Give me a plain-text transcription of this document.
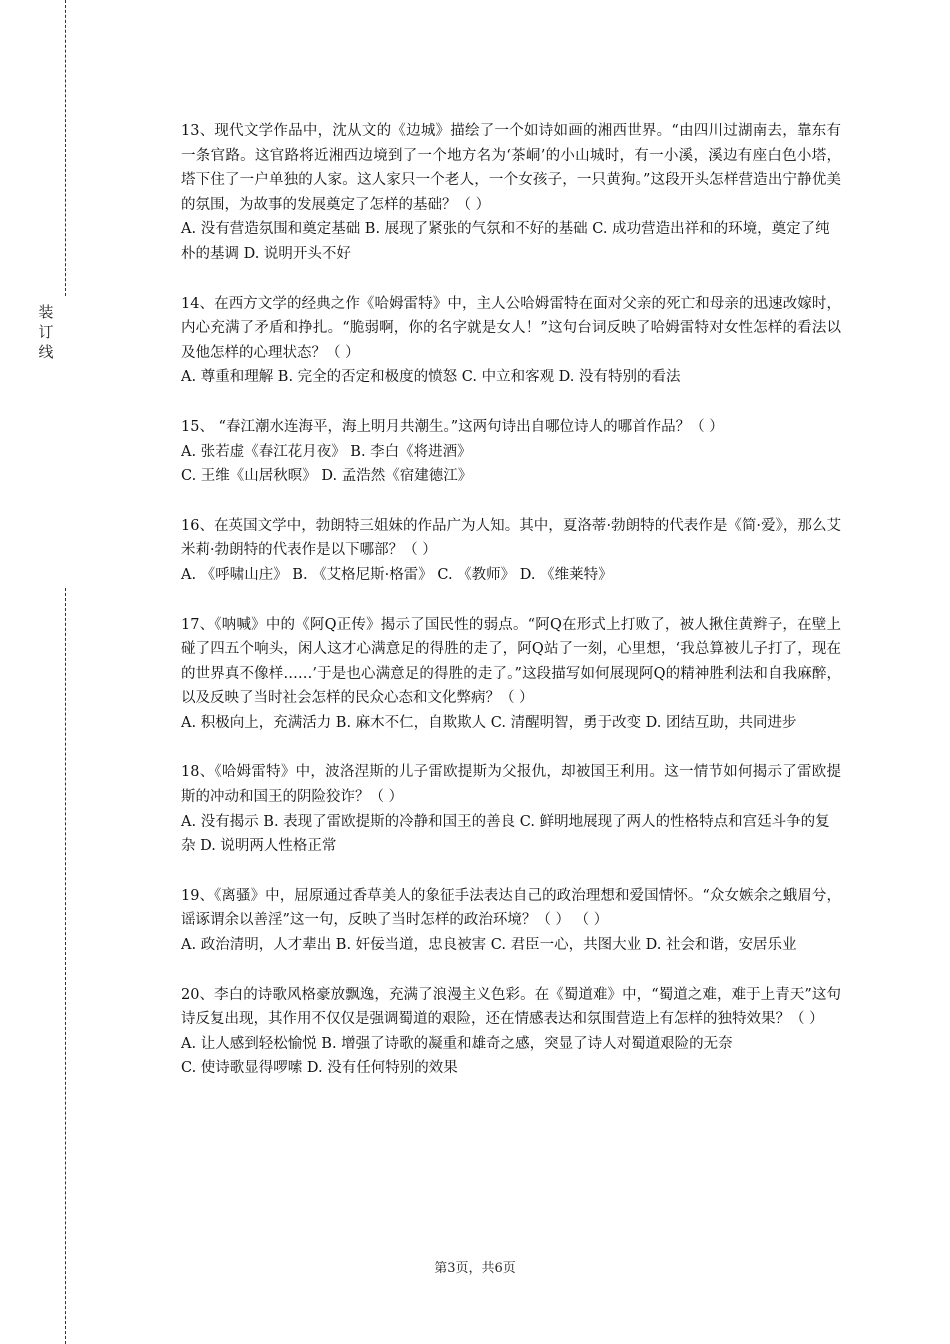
装
订
线

13、现代文学作品中，沈从文的《边城》描绘了一个如诗如画的湘西世界。“由四川过湖南去，靠东有一条官路。这官路将近湘西边境到了一个地方名为‘茶峒’的小山城时，有一小溪，溪边有座白色小塔，塔下住了一户单独的人家。这人家只一个老人，一个女孩子，一只黄狗。”这段开头怎样营造出宁静优美的氛围，为故事的发展奠定了怎样的基础？（ ）

A. 没有营造氛围和奠定基础 B. 展现了紧张的气氛和不好的基础 C. 成功营造出祥和的环境，奠定了纯朴的基调 D. 说明开头不好

14、在西方文学的经典之作《哈姆雷特》中，主人公哈姆雷特在面对父亲的死亡和母亲的迅速改嫁时，内心充满了矛盾和挣扎。“脆弱啊，你的名字就是女人！”这句台词反映了哈姆雷特对女性怎样的看法以及他怎样的心理状态？（ ）

A. 尊重和理解 B. 完全的否定和极度的愤怒 C. 中立和客观 D. 没有特别的看法

15、 “春江潮水连海平，海上明月共潮生。”这两句诗出自哪位诗人的哪首作品？（ ）

A. 张若虚《春江花月夜》 B. 李白《将进酒》
C. 王维《山居秋暝》 D. 孟浩然《宿建德江》

16、在英国文学中，勃朗特三姐妹的作品广为人知。其中，夏洛蒂·勃朗特的代表作是《简·爱》，那么艾米莉·勃朗特的代表作是以下哪部？（ ）

A. 《呼啸山庄》 B. 《艾格尼斯·格雷》 C. 《教师》 D. 《维莱特》

17、《呐喊》中的《阿Q正传》揭示了国民性的弱点。“阿Q在形式上打败了，被人揪住黄辫子，在壁上碰了四五个响头，闲人这才心满意足的得胜的走了，阿Q站了一刻，心里想，‘我总算被儿子打了，现在的世界真不像样……’于是也心满意足的得胜的走了。”这段描写如何展现阿Q的精神胜利法和自我麻醉，以及反映了当时社会怎样的民众心态和文化弊病？（ ）

A. 积极向上，充满活力 B. 麻木不仁，自欺欺人 C. 清醒明智，勇于改变 D. 团结互助，共同进步

18、《哈姆雷特》中，波洛涅斯的儿子雷欧提斯为父报仇，却被国王利用。这一情节如何揭示了雷欧提斯的冲动和国王的阴险狡诈？（ ）

A. 没有揭示 B. 表现了雷欧提斯的冷静和国王的善良 C. 鲜明地展现了两人的性格特点和宫廷斗争的复杂 D. 说明两人性格正常

19、《离骚》中，屈原通过香草美人的象征手法表达自己的政治理想和爱国情怀。“众女嫉余之蛾眉兮，谣诼谓余以善淫”这一句，反映了当时怎样的政治环境？（ ） （ ）

A. 政治清明，人才辈出 B. 奸佞当道，忠良被害 C. 君臣一心，共图大业 D. 社会和谐，安居乐业

20、李白的诗歌风格豪放飘逸，充满了浪漫主义色彩。在《蜀道难》中，“蜀道之难，难于上青天”这句诗反复出现，其作用不仅仅是强调蜀道的艰险，还在情感表达和氛围营造上有怎样的独特效果？（ ）

A. 让人感到轻松愉悦 B. 增强了诗歌的凝重和雄奇之感，突显了诗人对蜀道艰险的无奈
C. 使诗歌显得啰嗦 D. 没有任何特别的效果
第3页，共6页
